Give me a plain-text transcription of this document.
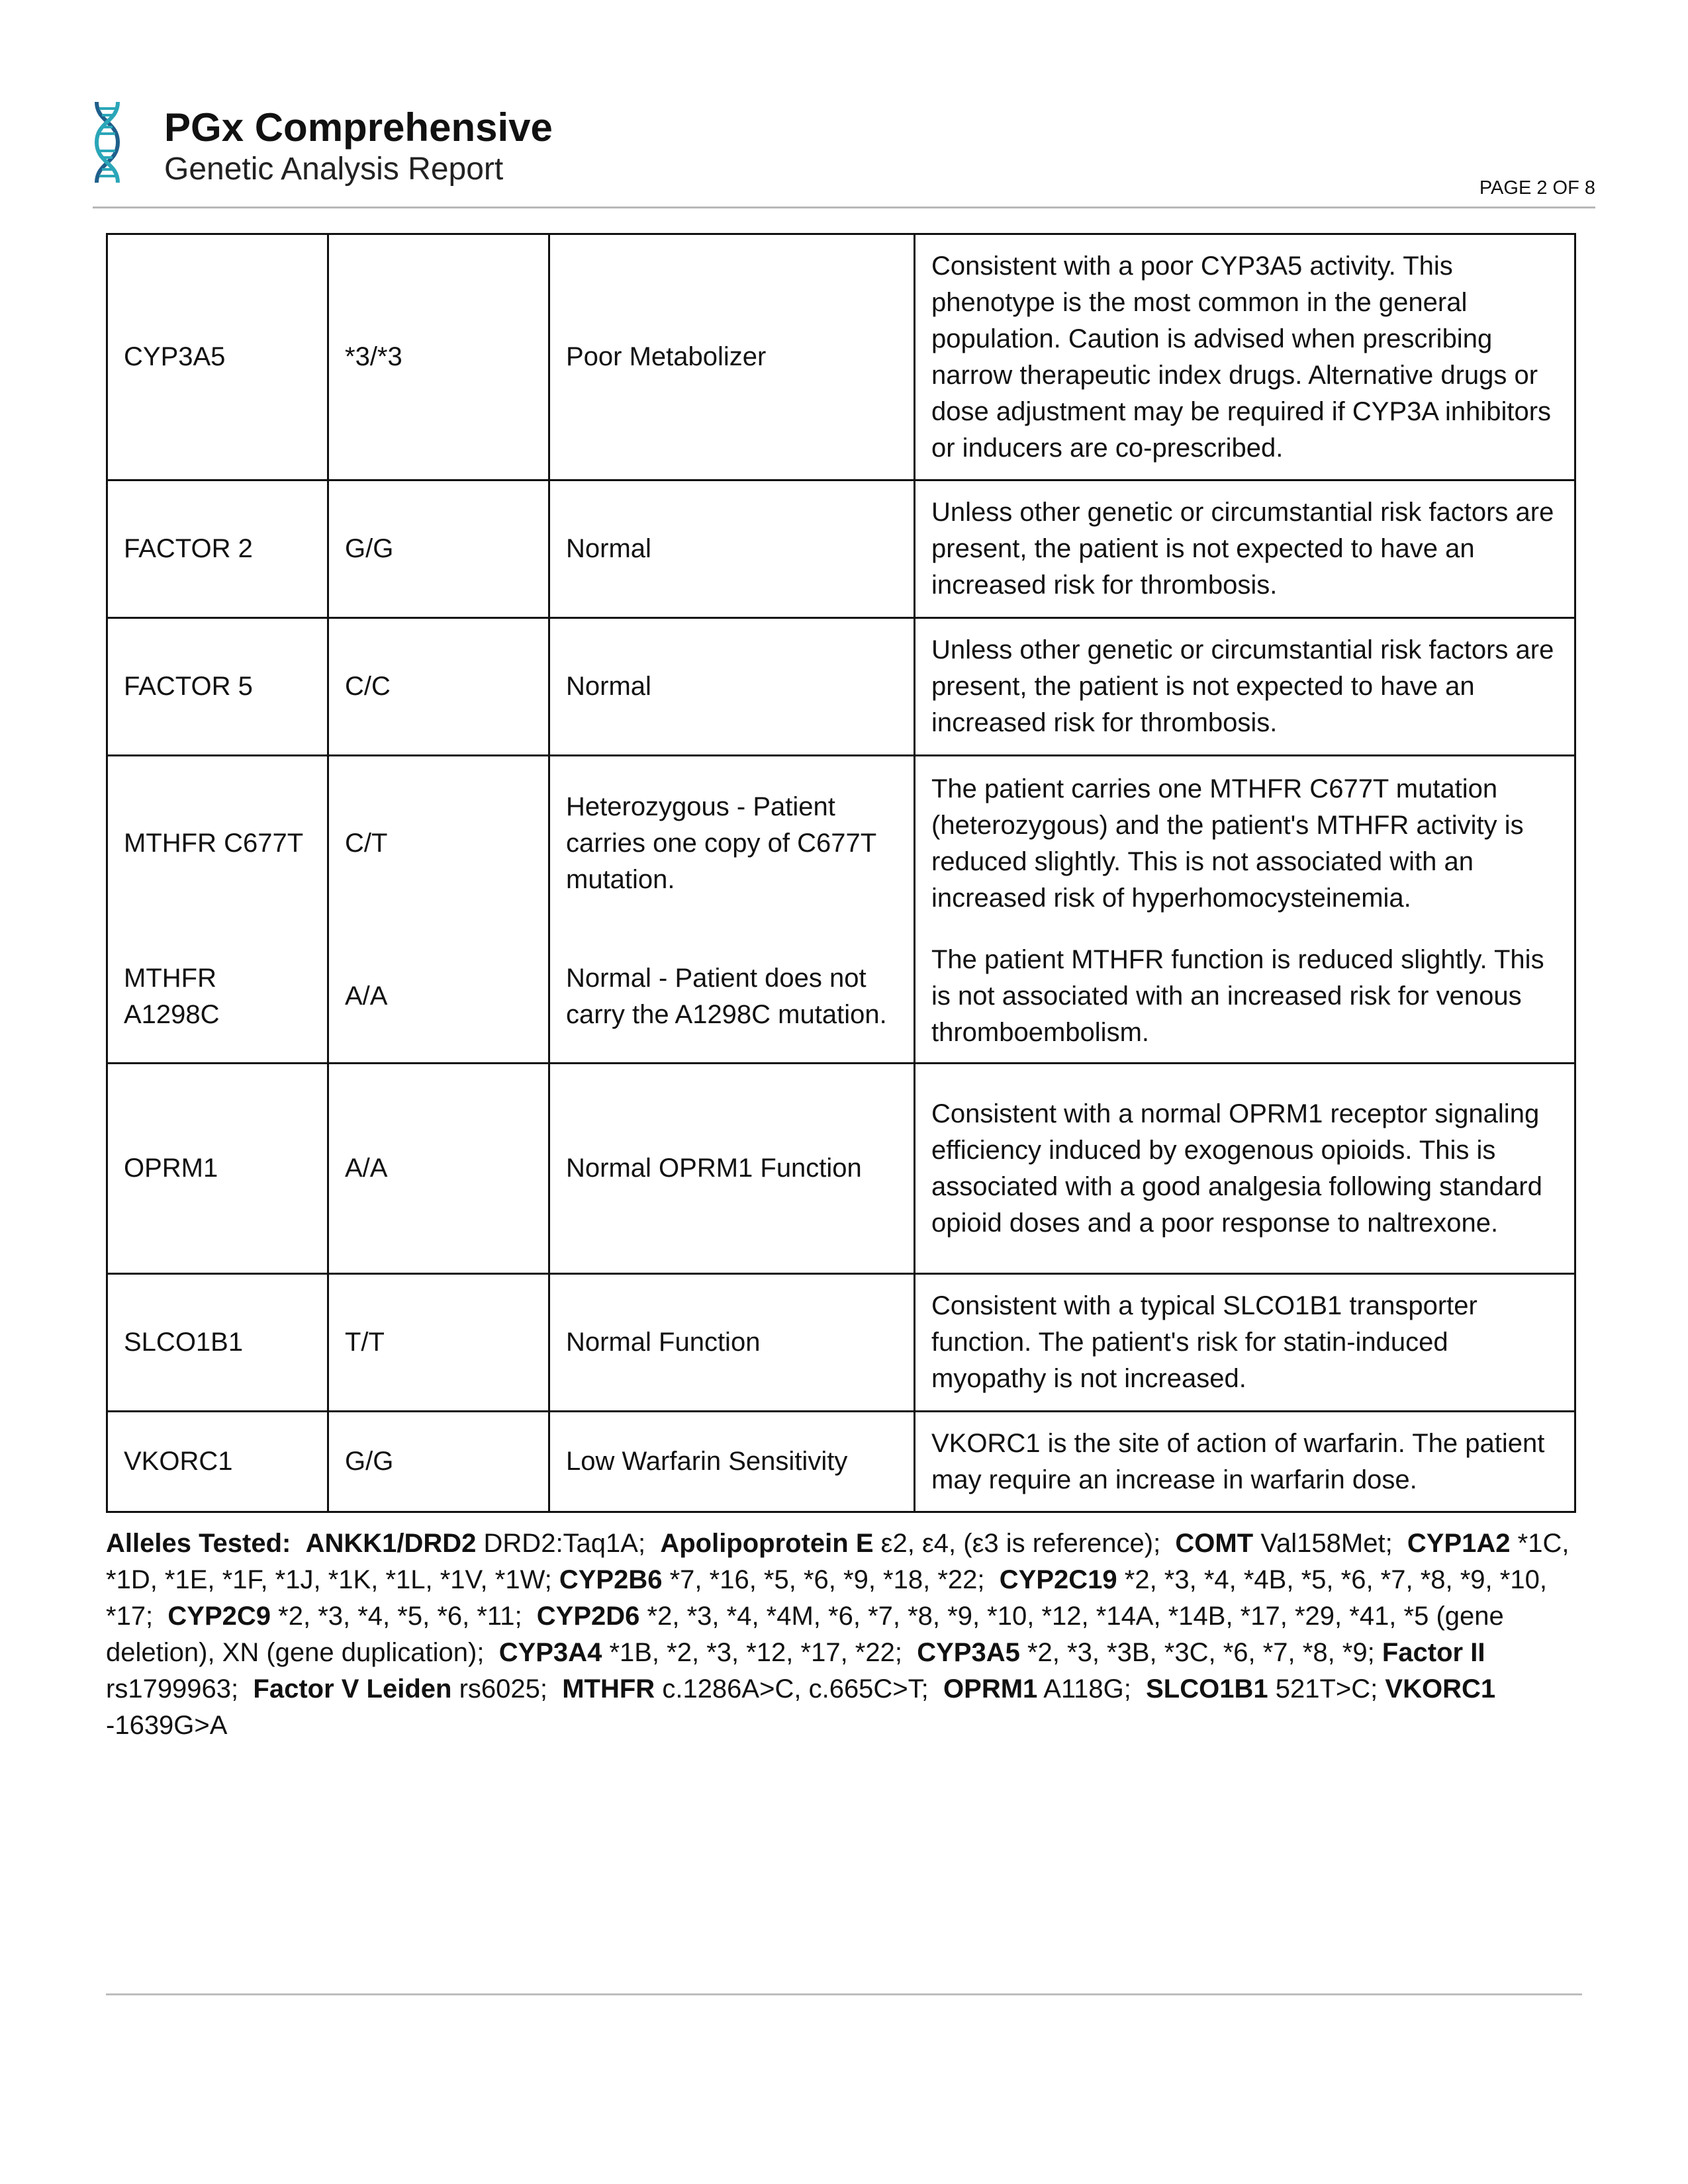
PGx Comprehensive
Genetic Analysis Report
PAGE 2 OF 8
CYP3A5	*3/*3	Poor Metabolizer	Consistent with a poor CYP3A5 activity. This phenotype is the most common in the general population. Caution is advised when prescribing narrow therapeutic index drugs. Alternative drugs or dose adjustment may be required if CYP3A inhibitors or inducers are co-prescribed.
FACTOR 2	G/G	Normal	Unless other genetic or circumstantial risk factors are present, the patient is not expected to have an increased risk for thrombosis.
FACTOR 5	C/C	Normal	Unless other genetic or circumstantial risk factors are present, the patient is not expected to have an increased risk for thrombosis.
MTHFR C677T	C/T	Heterozygous - Patient carries one copy of C677T mutation.	The patient carries one MTHFR C677T mutation (heterozygous) and the patient's MTHFR activity is reduced slightly. This is not associated with an increased risk of hyperhomocysteinemia.
MTHFR A1298C	A/A	Normal - Patient does not carry the A1298C mutation.	The patient MTHFR function is reduced slightly. This is not associated with an increased risk for venous thromboembolism.
OPRM1	A/A	Normal OPRM1 Function	Consistent with a normal OPRM1 receptor signaling efficiency induced by exogenous opioids. This is associated with a good analgesia following standard opioid doses and a poor response to naltrexone.
SLCO1B1	T/T	Normal Function	Consistent with a typical SLCO1B1 transporter function. The patient's risk for statin-induced myopathy is not increased.
VKORC1	G/G	Low Warfarin Sensitivity	VKORC1 is the site of action of warfarin. The patient may require an increase in warfarin dose.
Alleles Tested: ANKK1/DRD2 DRD2:Taq1A; Apolipoprotein E ε2, ε4, (ε3 is reference); COMT Val158Met; CYP1A2 *1C, *1D, *1E, *1F, *1J, *1K, *1L, *1V, *1W; CYP2B6 *7, *16, *5, *6, *9, *18, *22; CYP2C19 *2, *3, *4, *4B, *5, *6, *7, *8, *9, *10, *17; CYP2C9 *2, *3, *4, *5, *6, *11; CYP2D6 *2, *3, *4, *4M, *6, *7, *8, *9, *10, *12, *14A, *14B, *17, *29, *41, *5 (gene deletion), XN (gene duplication); CYP3A4 *1B, *2, *3, *12, *17, *22; CYP3A5 *2, *3, *3B, *3C, *6, *7, *8, *9; Factor II rs1799963; Factor V Leiden rs6025; MTHFR c.1286A>C, c.665C>T; OPRM1 A118G; SLCO1B1 521T>C; VKORC1 -1639G>A
